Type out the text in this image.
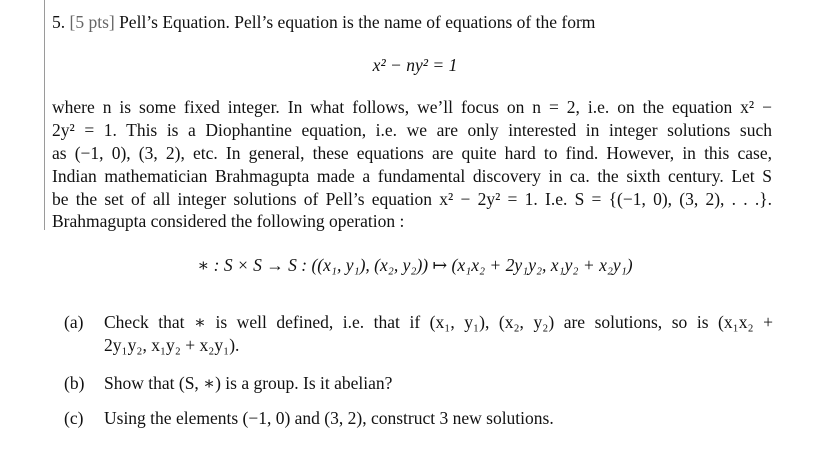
5. [5 pts] Pell’s Equation. Pell’s equation is the name of equations of the form
x² − ny² = 1
where n is some fixed integer. In what follows, we’ll focus on n = 2, i.e. on the equation x² −
2y² = 1. This is a Diophantine equation, i.e. we are only interested in integer solutions such
as (−1, 0), (3, 2), etc. In general, these equations are quite hard to find. However, in this case,
Indian mathematician Brahmagupta made a fundamental discovery in ca. the sixth century. Let S
be the set of all integer solutions of Pell’s equation x² − 2y² = 1. I.e. S = {(−1, 0), (3, 2), . . .}.
Brahmagupta considered the following operation :
∗ : S × S → S : ((x₁, y₁), (x₂, y₂)) ↦ (x₁x₂ + 2y₁y₂, x₁y₂ + x₂y₁)
(a) Check that ∗ is well defined, i.e. that if (x₁, y₁), (x₂, y₂) are solutions, so is (x₁x₂ +
2y₁y₂, x₁y₂ + x₂y₁).
(b) Show that (S, ∗) is a group. Is it abelian?
(c) Using the elements (−1, 0) and (3, 2), construct 3 new solutions.
